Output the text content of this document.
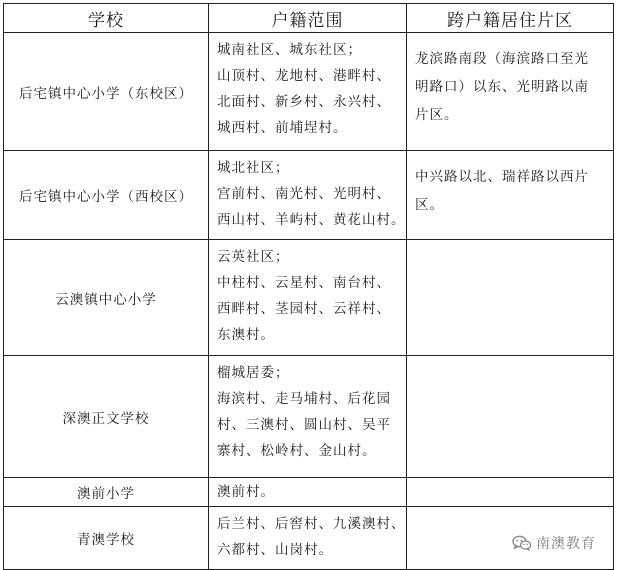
学校	户籍范围	跨户籍居住片区
后宅镇中心小学（东校区）	城南社区、城东社区；
山顶村、龙地村、港畔村、
北面村、新乡村、永兴村、
城西村、前埔埕村。	龙滨路南段（海滨路口至光
明路口）以东、光明路以南
片区。

后宅镇中心小学（西校区）	城北社区；
宫前村、南光村、光明村、
西山村、羊屿村、黄花山村。	中兴路以北、瑞祥路以西片
区。

云澳镇中心小学	云英社区；
中柱村、云星村、南台村、
西畔村、茎园村、云祥村、
东澳村。	

深澳正文学校	榴城居委；
海滨村、走马埔村、后花园
村、三澳村、圆山村、吴平
寨村、松岭村、金山村。	

澳前小学	澳前村。	

青澳学校	后兰村、后窖村、九溪澳村、
六都村、山岗村。	
		南澳教育
